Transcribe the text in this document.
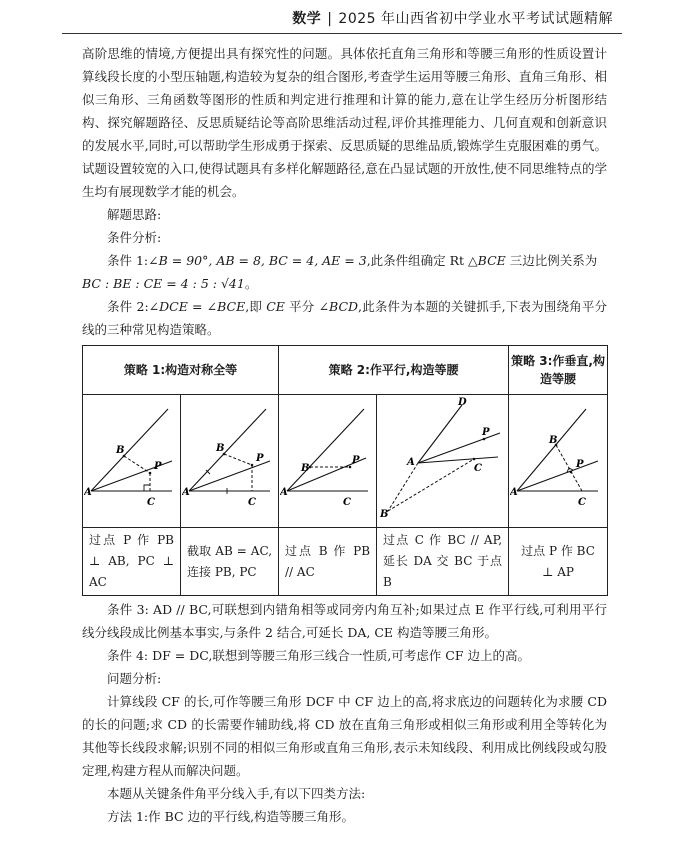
数学 | 2025 年山西省初中学业水平考试试题精解

高阶思维的情境,方便提出具有探究性的问题。具体依托直角三角形和等腰三角形的性质设置计算线段长度的小型压轴题,构造较为复杂的组合图形,考查学生运用等腰三角形、直角三角形、相似三角形、三角函数等图形的性质和判定进行推理和计算的能力,意在让学生经历分析图形结构、探究解题路径、反思质疑结论等高阶思维活动过程,评价其推理能力、几何直观和创新意识的发展水平,同时,可以帮助学生形成勇于探索、反思质疑的思维品质,锻炼学生克服困难的勇气。试题设置较宽的入口,使得试题具有多样化解题路径,意在凸显试题的开放性,使不同思维特点的学生均有展现数学才能的机会。

解题思路:

条件分析:

条件 1:∠B = 90°, AB = 8, BC = 4, AE = 3,此条件组确定 Rt △BCE 三边比例关系为
BC : BE : CE = 4 : 5 : √41。

条件 2:∠DCE = ∠BCE,即 CE 平分 ∠BCD,此条件为本题的关键抓手,下表为围绕角平分线的三种常见构造策略。

策略 1:构造对称全等		策略 2:作平行,构造等腰		策略 3:作垂直,构造等腰

A
B
P
C	A
B
P
C	A
B
P
C	D
P
A
C
B	A
B
P
C

过点 P 作 PB ⊥ AB, PC ⊥ AC	截取 AB = AC,连接 PB, PC	过点 B 作 PB // AC	过点 C 作 BC // AP,延长 DA 交 BC 于点 B	过点 P 作 BC ⊥ AP

条件 3: AD // BC,可联想到内错角相等或同旁内角互补;如果过点 E 作平行线,可利用平行线分线段成比例基本事实,与条件 2 结合,可延长 DA, CE 构造等腰三角形。

条件 4: DF = DC,联想到等腰三角形三线合一性质,可考虑作 CF 边上的高。

问题分析:

计算线段 CF 的长,可作等腰三角形 DCF 中 CF 边上的高,将求底边的问题转化为求腰 CD 的长的问题;求 CD 的长需要作辅助线,将 CD 放在直角三角形或相似三角形或利用全等转化为其他等长线段求解;识别不同的相似三角形或直角三角形,表示未知线段、利用成比例线段或勾股定理,构建方程从而解决问题。

本题从关键条件角平分线入手,有以下四类方法:

方法 1:作 BC 边的平行线,构造等腰三角形。
